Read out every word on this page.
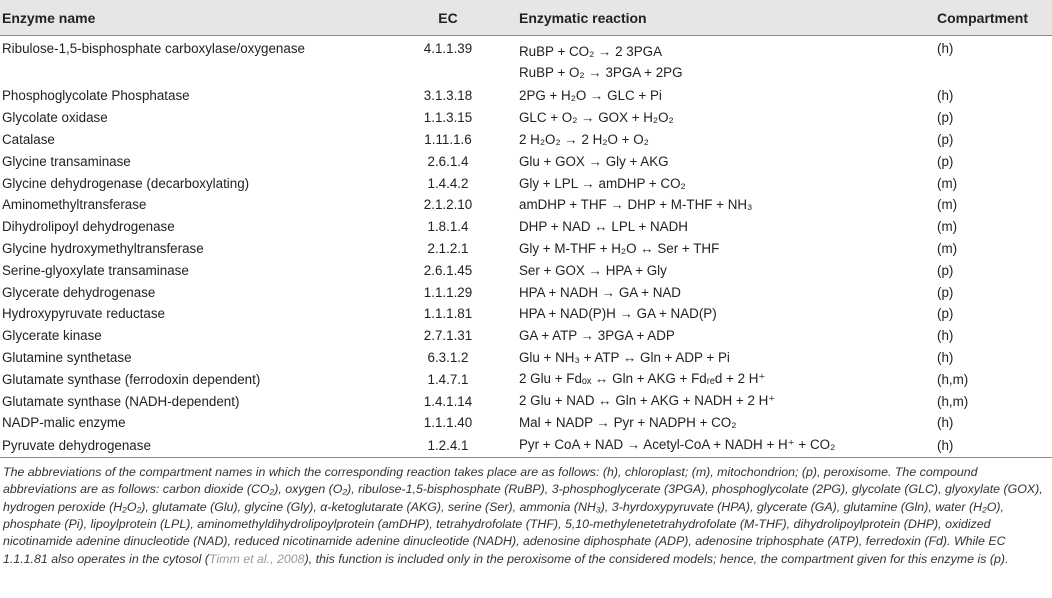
Enzyme name	EC	Enzymatic reaction	Compartment
Ribulose-1,5-bisphosphate carboxylase/oxygenase	4.1.1.39	RuBP + CO₂ → 2 3PGA
RuBP + O₂ → 3PGA + 2PG	(h)
Phosphoglycolate Phosphatase	3.1.3.18	2PG + H₂O → GLC + Pi	(h)
Glycolate oxidase	1.1.3.15	GLC + O₂ → GOX + H₂O₂	(p)
Catalase	1.11.1.6	2 H₂O₂ → 2 H₂O + O₂	(p)
Glycine transaminase	2.6.1.4	Glu + GOX → Gly + AKG	(p)
Glycine dehydrogenase (decarboxylating)	1.4.4.2	Gly + LPL → amDHP + CO₂	(m)
Aminomethyltransferase	2.1.2.10	amDHP + THF → DHP + M-THF + NH₃	(m)
Dihydrolipoyl dehydrogenase	1.8.1.4	DHP + NAD ↔ LPL + NADH	(m)
Glycine hydroxymethyltransferase	2.1.2.1	Gly + M-THF + H₂O ↔ Ser + THF	(m)
Serine-glyoxylate transaminase	2.6.1.45	Ser + GOX → HPA + Gly	(p)
Glycerate dehydrogenase	1.1.1.29	HPA + NADH → GA + NAD	(p)
Hydroxypyruvate reductase	1.1.1.81	HPA + NAD(P)H → GA + NAD(P)	(p)
Glycerate kinase	2.7.1.31	GA + ATP → 3PGA + ADP	(h)
Glutamine synthetase	6.3.1.2	Glu + NH₃ + ATP ↔ Gln + ADP + Pi	(h)
Glutamate synthase (ferrodoxin dependent)	1.4.7.1	2 Glu + Fdₒₓ ↔ Gln + AKG + Fdᵣₑd + 2 H⁺	(h,m)
Glutamate synthase (NADH-dependent)	1.4.1.14	2 Glu + NAD ↔ Gln + AKG + NADH + 2 H⁺	(h,m)
NADP-malic enzyme	1.1.1.40	Mal + NADP → Pyr + NADPH + CO₂	(h)
Pyruvate dehydrogenase	1.2.4.1	Pyr + CoA + NAD → Acetyl-CoA + NADH + H⁺ + CO₂	(h)
The abbreviations of the compartment names in which the corresponding reaction takes place are as follows: (h), chloroplast; (m), mitochondrion; (p), peroxisome. The compound abbreviations are as follows: carbon dioxide (CO₂), oxygen (O₂), ribulose-1,5-bisphosphate (RuBP), 3-phosphoglycerate (3PGA), phosphoglycolate (2PG), glycolate (GLC), glyoxylate (GOX), hydrogen peroxide (H₂O₂), glutamate (Glu), glycine (Gly), α-ketoglutarate (AKG), serine (Ser), ammonia (NH₃), 3-hyrdoxypyruvate (HPA), glycerate (GA), glutamine (Gln), water (H₂O), phosphate (Pi), lipoylprotein (LPL), aminomethyldihydrolipoylprotein (amDHP), tetrahydrofolate (THF), 5,10-methylenetetrahydrofolate (M-THF), dihydrolipoylprotein (DHP), oxidized nicotinamide adenine dinucleotide (NAD), reduced nicotinamide adenine dinucleotide (NADH), adenosine diphosphate (ADP), adenosine triphosphate (ATP), ferredoxin (Fd). While EC 1.1.1.81 also operates in the cytosol (Timm et al., 2008), this function is included only in the peroxisome of the considered models; hence, the compartment given for this enzyme is (p).
